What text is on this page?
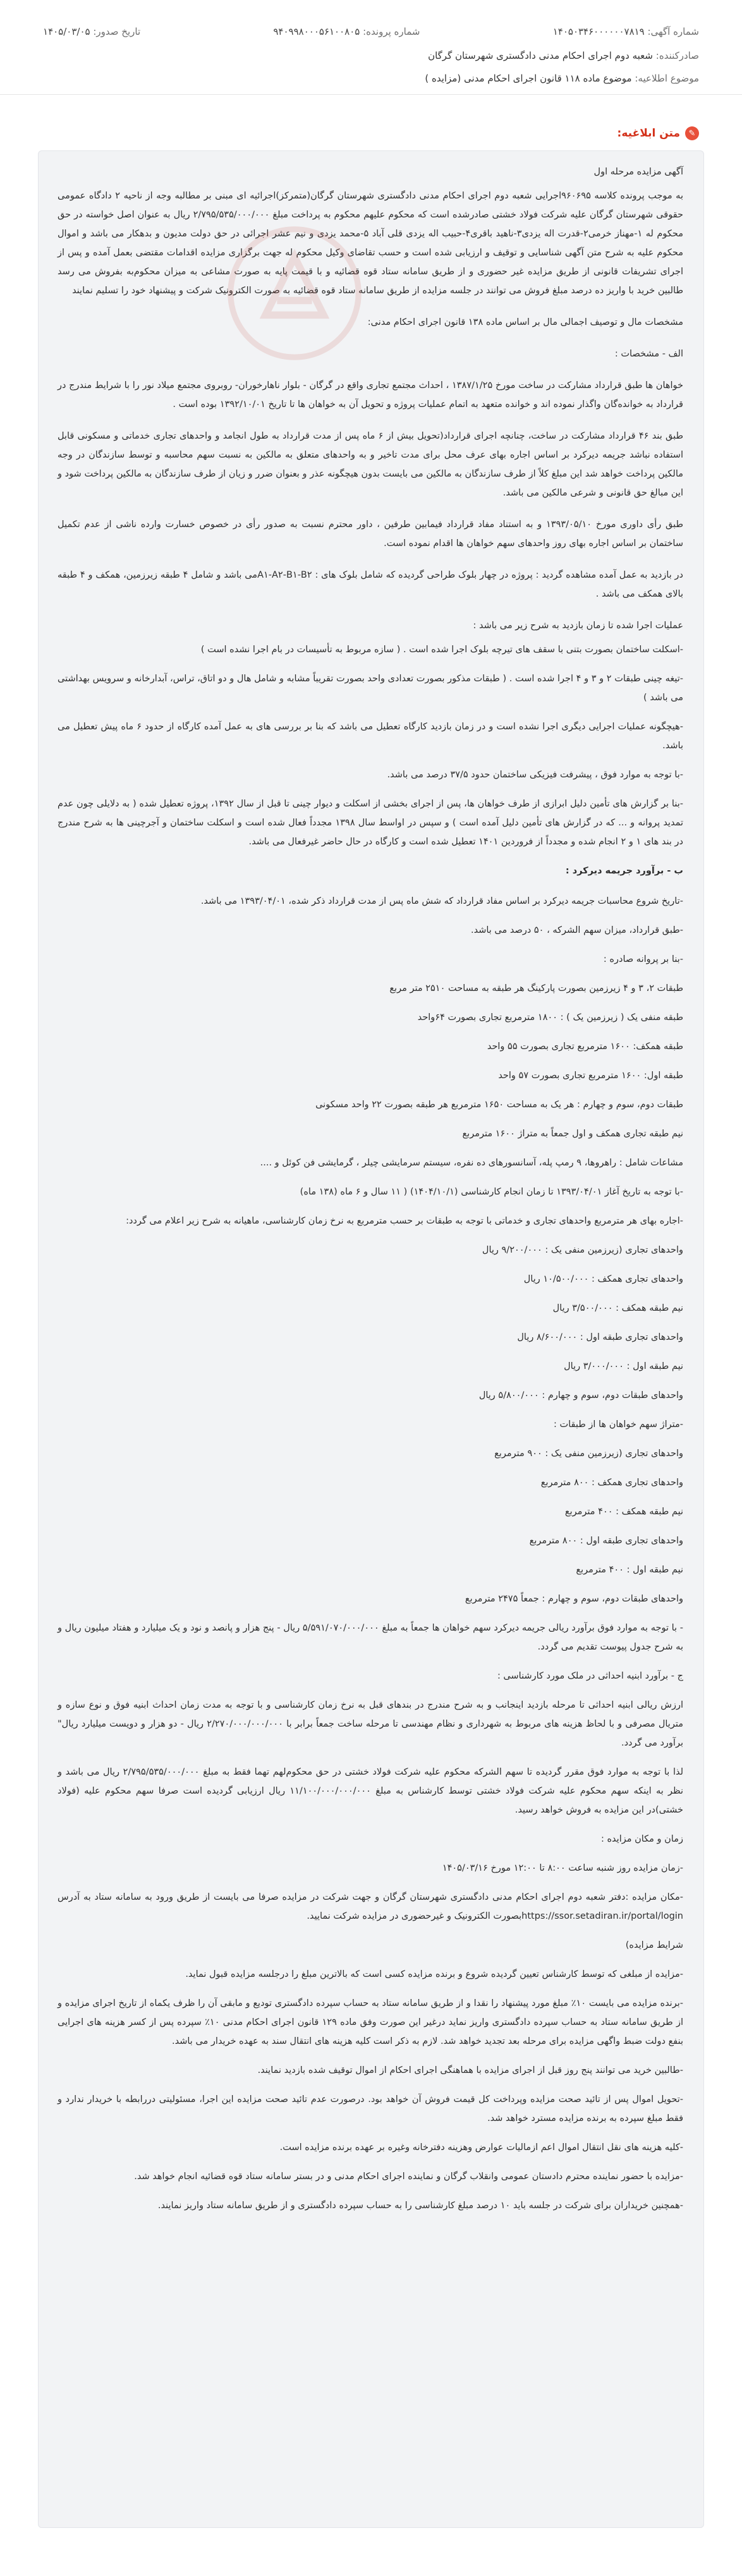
شماره آگهی: ۱۴۰۵۰۳۴۶۰۰۰۰۰۰۷۸۱۹
شماره پرونده: ۹۴۰۹۹۸۰۰۰۵۶۱۰۰۸۰۵
تاریخ صدور: ۱۴۰۵/۰۳/۰۵
صادرکننده: شعبه دوم اجرای احکام مدنی دادگستری شهرستان گرگان
موضوع اطلاعیه: موضوع ماده ۱۱۸ قانون اجرای احکام مدنی (مزایده )
✎
متن ابلاغیه:

آگهی مزایده مرحله اول

به موجب پرونده کلاسه ۹۶۰۶۹۵اجرایی شعبه دوم اجرای احکام مدنی دادگستری شهرستان گرگان(متمرکز)اجرائیه ای مبنی بر مطالبه وجه از ناحیه ۲ دادگاه عمومی حقوقی شهرستان گرگان علیه شرکت فولاد خشتی صادرشده است که محکوم علیهم محکوم به پرداخت مبلغ ۲/۷۹۵/۵۳۵/۰۰۰/۰۰۰ ریال به عنوان اصل خواسته در حق محکوم له ۱-مهناز خرمی۲-قدرت اله یزدی۳-ناهید باقری۴-حبیب اله یزدی قلی آباد ۵-محمد یزدی و نیم عشر اجرائی در حق دولت مدیون و بدهکار می باشد و اموال محکوم علیه به شرح متن آگهی شناسایی و توقیف و ارزیابی شده است و حسب تقاضای وکیل محکوم له جهت برگزاری مزایده اقدامات مقتضی بعمل آمده و پس از اجرای تشریفات قانونی از طریق مزایده غیر حضوری و از طریق سامانه ستاد قوه قضائیه و با قیمت پایه به صورت مشاعی به میزان محکوم‌به بفروش می رسد طالبین خرید با واریز ده درصد مبلغ فروش می توانند در جلسه مزایده از طریق سامانه ستاد قوه قضائیه به صورت الکترونیک شرکت و پیشنهاد خود را تسلیم نمایند

مشخصات مال و توصیف اجمالی مال بر اساس ماده ۱۳۸ قانون اجرای احکام مدنی:

الف - مشخصات :

خواهان ها طبق قرارداد مشارکت در ساخت مورخ ۱۳۸۷/۱/۲۵ ، احداث مجتمع تجاری واقع در گرگان - بلوار ناهارخوران- روبروی مجتمع میلاد نور را با شرایط مندرج در قرارداد به خوانده‌گان واگذار نموده اند و خوانده متعهد به اتمام عملیات پروژه و تحویل آن به خواهان ها تا تاریخ ۱۳۹۲/۱۰/۰۱ بوده است .

طبق بند ۴۶ قرارداد مشارکت در ساخت، چنانچه اجرای قرارداد(تحویل بیش از ۶ ماه پس از مدت قرارداد به طول انجامد و واحدهای تجاری خدماتی و مسکونی قابل استفاده نباشد جریمه دیرکرد بر اساس اجاره بهای عرف محل برای مدت تاخیر و به واحدهای متعلق به مالکین به نسبت سهم محاسبه و توسط سازندگان در وجه مالکین پرداخت خواهد شد این مبلغ کلاً از طرف سازندگان به مالکین می بایست بدون هیچگونه عذر و بعنوان ضرر و زیان از طرف سازندگان به مالکین پرداخت شود و این مبالغ حق قانونی و شرعی مالکین می باشد.

طبق رأی داوری مورخ ۱۳۹۳/۰۵/۱۰ و به استناد مفاد قرارداد فیمابین طرفین ، داور محترم نسبت به صدور رأی در خصوص خسارت وارده ناشی از عدم تکمیل ساختمان بر اساس اجاره بهای روز واحدهای سهم خواهان ها اقدام نموده است.

در بازدید به عمل آمده مشاهده گردید : پروژه در چهار بلوک طراحی گردیده که شامل بلوک های : A۱-A۲-B۱-B۲می باشد و شامل ۴ طبقه زیرزمین، همکف و ۴ طبقه بالای همکف می باشد .

عملیات اجرا شده تا زمان بازدید به شرح زیر می باشد :

-اسکلت ساختمان بصورت بتنی با سقف های تیرچه بلوک اجرا شده است . ( سازه مربوط به تأسیسات در بام اجرا نشده است )

-تیغه چینی طبقات ۲ و ۳ و ۴ اجرا شده است . ( طبقات مذکور بصورت تعدادی واحد بصورت تقریباً مشابه و شامل هال و دو اتاق، تراس، آبدارخانه و سرویس بهداشتی می باشد )

-هیچگونه عملیات اجرایی دیگری اجرا نشده است و در زمان بازدید کارگاه تعطیل می باشد که بنا بر بررسی های به عمل آمده کارگاه از حدود ۶ ماه پیش تعطیل می باشد.

-با توجه به موارد فوق ، پیشرفت فیزیکی ساختمان حدود ۳۷/۵ درصد می باشد.

-بنا بر گزارش های تأمین دلیل ابرازی از طرف خواهان ها، پس از اجرای بخشی از اسکلت و دیوار چینی تا قبل از سال ۱۳۹۲، پروژه تعطیل شده ( به دلایلی چون عدم تمدید پروانه و ... که در گزارش های تأمین دلیل آمده است ) و سپس در اواسط سال ۱۳۹۸ مجدداً فعال شده است و اسکلت ساختمان و آجرچینی ها به شرح مندرج در بند های ۱ و ۲ انجام شده و مجدداً از فروردین ۱۴۰۱ تعطیل شده است و کارگاه در حال حاضر غیرفعال می باشد.

ب - برآورد جریمه دیرکرد :

-تاریخ شروع محاسبات جریمه دیرکرد بر اساس مفاد قرارداد که شش ماه پس از مدت قرارداد ذکر شده، ۱۳۹۳/۰۴/۰۱ می باشد.

-طبق قرارداد، میزان سهم الشرکه ، ۵۰ درصد می باشد.

-بنا بر پروانه صادره :

طبقات ۲، ۳ و ۴ زیرزمین بصورت پارکینگ هر طبقه به مساحت ۲۵۱۰ متر مربع

طبقه منفی یک ( زیرزمین یک ) : ۱۸۰۰ مترمربع تجاری بصورت ۶۴واحد

طبقه همکف: ۱۶۰۰ مترمربع تجاری بصورت ۵۵ واحد

طبقه اول: ۱۶۰۰ مترمربع تجاری بصورت ۵۷ واحد

طبقات دوم، سوم و چهارم : هر یک به مساحت ۱۶۵۰ مترمربع هر طبقه بصورت ۲۲ واحد مسکونی

نیم طبقه تجاری همکف و اول جمعاً به متراژ ۱۶۰۰ مترمربع

مشاعات شامل : راهروها، ۹ رمپ پله، آسانسورهای ده نفره، سیستم سرمایشی چیلر ، گرمایشی فن کوئل و ....

-با توجه به تاریخ آغاز ۱۳۹۳/۰۴/۰۱ تا زمان انجام کارشناسی (۱۴۰۴/۱۰/۱) ( ۱۱ سال و ۶ ماه (۱۳۸ ماه)

-اجاره بهای هر مترمربع واحدهای تجاری و خدماتی با توجه به طبقات بر حسب مترمربع به نرخ زمان کارشناسی، ماهیانه به شرح زیر اعلام می گردد:

واحدهای تجاری (زیرزمین منفی یک : ۹/۲۰۰/۰۰۰ ریال

واحدهای تجاری همکف : ۱۰/۵۰۰/۰۰۰ ریال

نیم طبقه همکف : ۳/۵۰۰/۰۰۰ ریال

واحدهای تجاری طبقه اول : ۸/۶۰۰/۰۰۰ ریال

نیم طبقه اول : ۳/۰۰۰/۰۰۰ ریال

واحدهای طبقات دوم، سوم و چهارم : ۵/۸۰۰/۰۰۰ ریال

-متراژ سهم خواهان ها از طبقات :

واحدهای تجاری (زیرزمین منفی یک : ۹۰۰ مترمربع

واحدهای تجاری همکف : ۸۰۰ مترمربع

نیم طبقه همکف : ۴۰۰ مترمربع

واحدهای تجاری طبقه اول : ۸۰۰ مترمربع

نیم طبقه اول : ۴۰۰ مترمربع

واحدهای طبقات دوم، سوم و چهارم : جمعاً ۲۴۷۵ مترمربع

- با توجه به موارد فوق برآورد ریالی جریمه دیرکرد سهم خواهان ها جمعاً به مبلغ ۵/۵۹۱/۰۷۰/۰۰۰/۰۰۰ ریال - پنج هزار و پانصد و نود و یک میلیارد و هفتاد میلیون ریال و به شرح جدول پیوست تقدیم می گردد.

ج - برآورد ابنیه احداثی در ملک مورد کارشناسی :

ارزش ریالی ابنیه احداثی تا مرحله بازدید اینجانب و به شرح مندرج در بندهای قبل به نرخ زمان کارشناسی و با توجه به مدت زمان احداث ابنیه فوق و نوع سازه و متریال مصرفی و با لحاظ هزینه های مربوط به شهرداری و نظام مهندسی تا مرحله ساخت جمعاً برابر با ۲/۲۷۰/۰۰۰/۰۰۰/۰۰۰ ریال - دو هزار و دویست میلیارد ریال" برآورد می گردد.

لذا با توجه به موارد فوق مقرر گردیده تا سهم الشرکه محکوم علیه شرکت فولاد خشتی در حق محکوم‌لهم تهما فقط به مبلغ ۲/۷۹۵/۵۳۵/۰۰۰/۰۰۰ ریال می باشد و نظر به اینکه سهم محکوم علیه شرکت فولاد خشتی توسط کارشناس به مبلغ ۱۱/۱۰۰/۰۰۰/۰۰۰/۰۰۰ ریال ارزیابی گردیده است صرفا سهم محکوم علیه (فولاد خشتی)در این مزایده به فروش خواهد رسید.

زمان و مکان مزایده :

-زمان مزایده روز شنبه ساعت ۸:۰۰ تا ۱۲:۰۰ مورخ ۱۴۰۵/۰۳/۱۶

-مکان مزایده :دفتر شعبه دوم اجرای احکام مدنی دادگستری شهرستان گرگان و جهت شرکت در مزایده صرفا می بایست از طریق ورود به سامانه ستاد به آدرس https://ssor.setadiran.ir/portal/loginبصورت الکترونیک و غیرحضوری در مزایده شرکت نمایید.

شرایط مزایده)

-مزایده از مبلغی که توسط کارشناس تعیین گردیده شروع و برنده مزایده کسی است که بالاترین مبلغ را درجلسه مزایده قبول نماید.

-برنده مزایده می بایست ۱۰٪ مبلغ مورد پیشنهاد را نقدا و از طریق سامانه ستاد به حساب سپرده دادگستری تودیع و مابقی آن را ظرف یکماه از تاریخ اجرای مزایده و از طریق سامانه ستاد به حساب سپرده دادگستری واریز نماید درغیر این صورت وفق ماده ۱۲۹ قانون اجرای احکام مدنی ۱۰٪ سپرده پس از کسر هزینه های اجرایی بنفع دولت ضبط واگهی مزایده برای مرحله بعد تجدید خواهد شد. لازم به ذکر است کلیه هزینه های انتقال سند به عهده خریدار می باشد.

-طالبین خرید می توانند پنج روز قبل از اجرای مزایده با هماهنگی اجرای احکام از اموال توقیف شده بازدید نمایند.

-تحویل اموال پس از تائید صحت مزایده وپرداخت کل قیمت فروش آن خواهد بود. درصورت عدم تائید صحت مزایده این اجرا، مسئولیتی دررابطه با خریدار ندارد و فقط مبلغ سپرده به برنده مزایده مسترد خواهد شد.

-کلیه هزینه های نقل انتقال اموال اعم ازمالیات عوارض وهزینه دفترخانه وغیره بر عهده برنده مزایده است.

-مزایده با حضور نماینده محترم دادستان عمومی وانقلاب گرگان و نماینده اجرای احکام مدنی و در بستر سامانه ستاد قوه قضائیه انجام خواهد شد.

-همچنین خریداران برای شرکت در جلسه باید ۱۰ درصد مبلغ کارشناسی را به حساب سپرده دادگستری و از طریق سامانه ستاد واریز نمایند.
